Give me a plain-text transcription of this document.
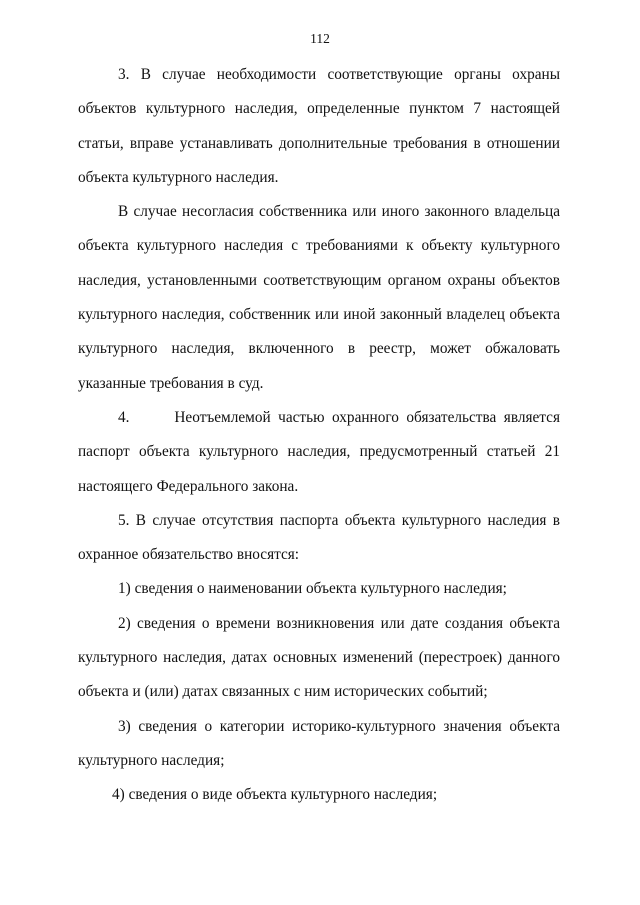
112

3. В случае необходимости соответствующие органы охраны объектов культурного наследия, определенные пунктом 7 настоящей статьи, вправе устанавливать дополнительные требования в отношении объекта культурного наследия.

В случае несогласия собственника или иного законного владельца объекта культурного наследия с требованиями к объекту культурного наследия, установленными соответствующим органом охраны объектов культурного наследия, собственник или иной законный владелец объекта культурного наследия, включенного в реестр, может обжаловать указанные требования в суд.

4.      Неотъемлемой частью охранного обязательства является паспорт объекта культурного наследия, предусмотренный статьей 21 настоящего Федерального закона.

5. В случае отсутствия паспорта объекта культурного наследия в охранное обязательство вносятся:

1) сведения о наименовании объекта культурного наследия;

2) сведения о времени возникновения или дате создания объекта культурного наследия, датах основных изменений (перестроек) данного объекта и (или) датах связанных с ним исторических событий;

3) сведения о категории историко-культурного значения объекта культурного наследия;

4) сведения о виде объекта культурного наследия;
